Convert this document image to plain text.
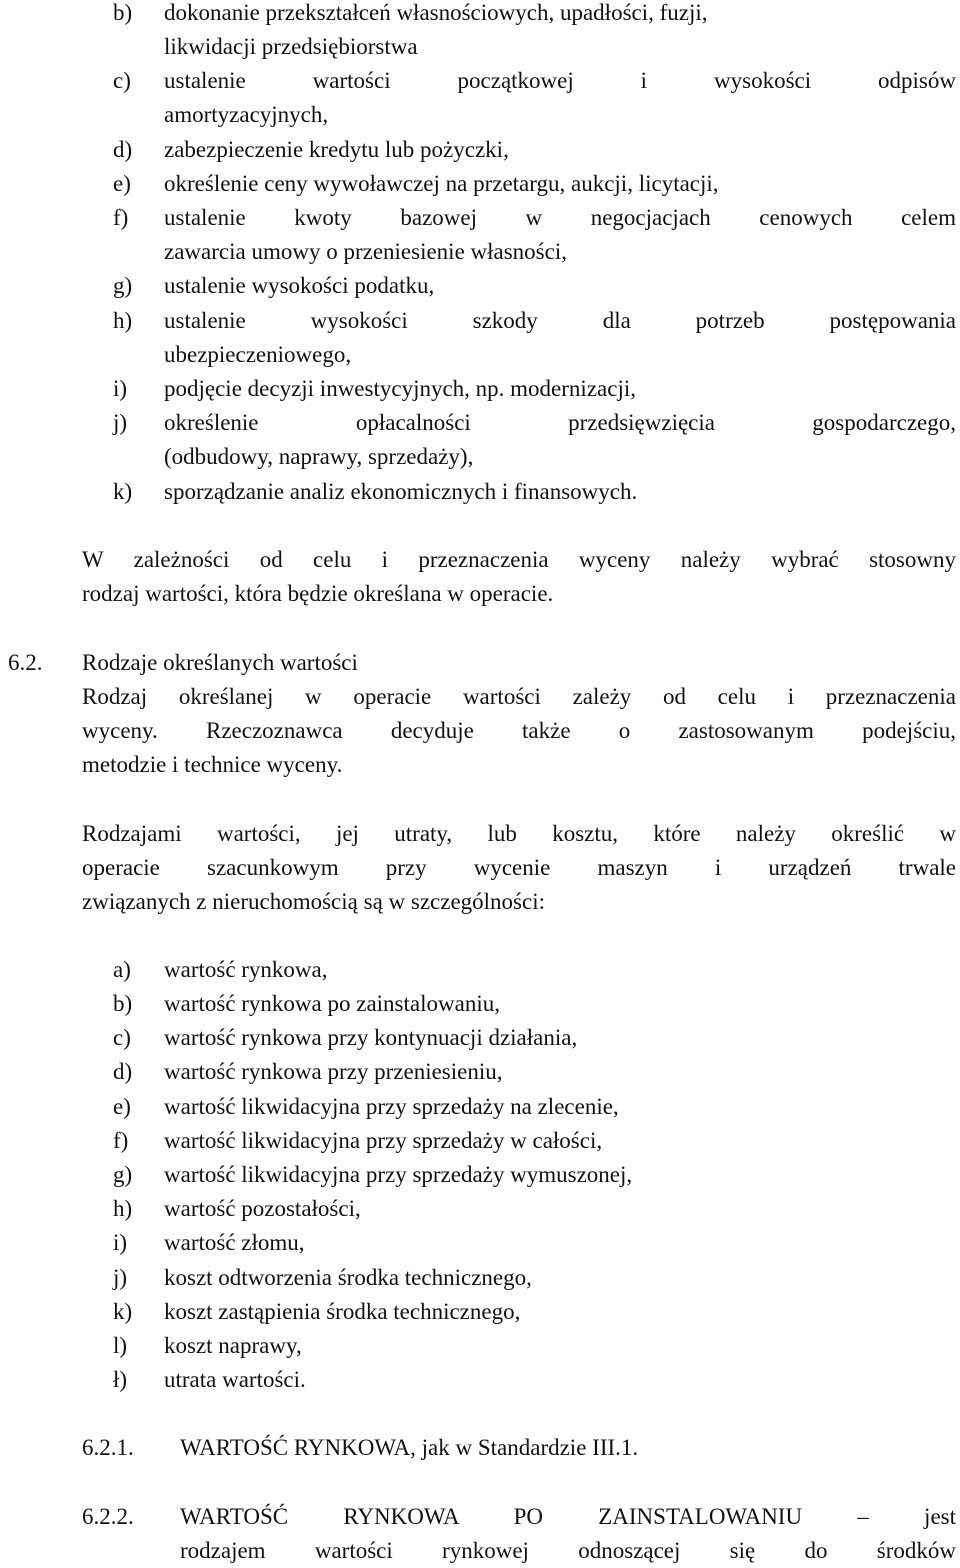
b) dokonanie przekształceń własnościowych, upadłości, fuzji,
likwidacji przedsiębiorstwa
c) ustalenie wartości początkowej i wysokości odpisów
amortyzacyjnych,
d) zabezpieczenie kredytu lub pożyczki,
e) określenie ceny wywoławczej na przetargu, aukcji, licytacji,
f) ustalenie kwoty bazowej w negocjacjach cenowych celem
zawarcia umowy o przeniesienie własności,
g) ustalenie wysokości podatku,
h) ustalenie wysokości szkody dla potrzeb postępowania
ubezpieczeniowego,
i) podjęcie decyzji inwestycyjnych, np. modernizacji,
j) określenie opłacalności przedsięwzięcia gospodarczego,
(odbudowy, naprawy, sprzedaży),
k) sporządzanie analiz ekonomicznych i finansowych.
W zależności od celu i przeznaczenia wyceny należy wybrać stosowny
rodzaj wartości, która będzie określana w operacie.
6.2. Rodzaje określanych wartości
Rodzaj określanej w operacie wartości zależy od celu i przeznaczenia
wyceny. Rzeczoznawca decyduje także o zastosowanym podejściu,
metodzie i technice wyceny.
Rodzajami wartości, jej utraty, lub kosztu, które należy określić w
operacie szacunkowym przy wycenie maszyn i urządzeń trwale
związanych z nieruchomością są w szczególności:
a) wartość rynkowa,
b) wartość rynkowa po zainstalowaniu,
c) wartość rynkowa przy kontynuacji działania,
d) wartość rynkowa przy przeniesieniu,
e) wartość likwidacyjna przy sprzedaży na zlecenie,
f) wartość likwidacyjna przy sprzedaży w całości,
g) wartość likwidacyjna przy sprzedaży wymuszonej,
h) wartość pozostałości,
i) wartość złomu,
j) koszt odtworzenia środka technicznego,
k) koszt zastąpienia środka technicznego,
l) koszt naprawy,
ł) utrata wartości.
6.2.1. WARTOŚĆ RYNKOWA, jak w Standardzie III.1.
6.2.2. WARTOŚĆ RYNKOWA PO ZAINSTALOWANIU – jest
rodzajem wartości rynkowej odnoszącej się do środków
